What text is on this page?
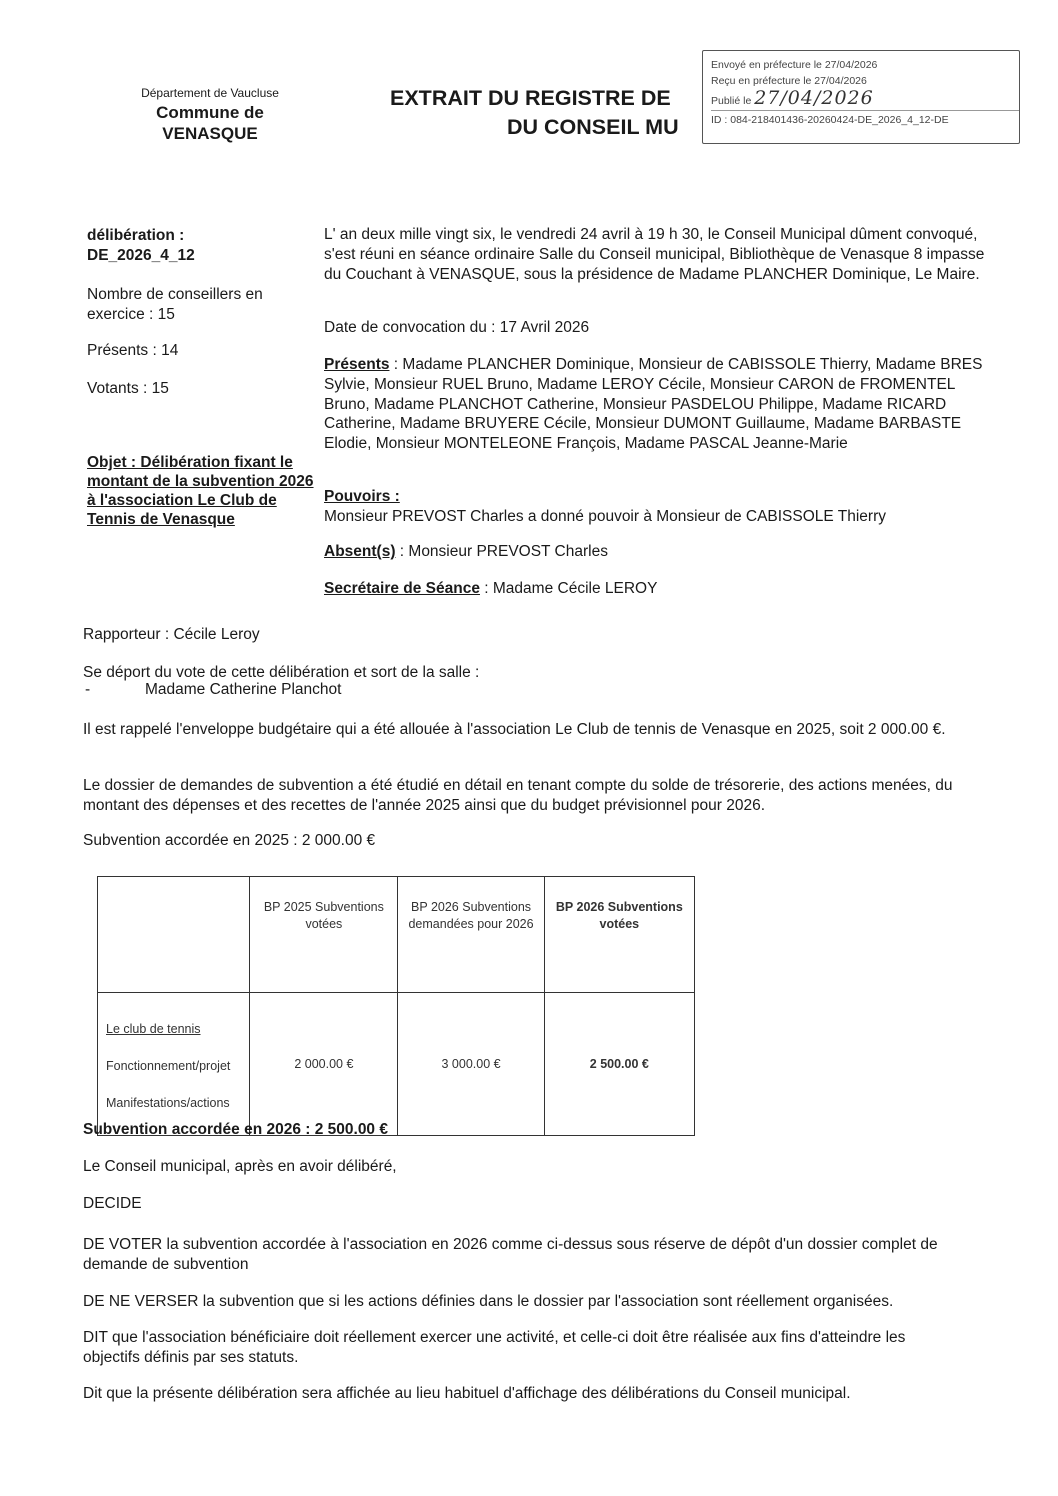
Département de Vaucluse
Commune de
VENASQUE
EXTRAIT DU REGISTRE DE
DU CONSEIL MU
Envoyé en préfecture le 27/04/2026
Reçu en préfecture le 27/04/2026
Publié le 27/04/2026
ID : 084-218401436-20260424-DE_2026_4_12-DE
délibération :
DE_2026_4_12
Nombre de conseillers en exercice : 15
Présents : 14
Votants : 15
Objet : Délibération fixant le montant de la subvention 2026 à l'association Le Club de Tennis de Venasque

L' an deux mille vingt six, le vendredi 24 avril à 19 h 30, le Conseil Municipal dûment convoqué, s'est réuni en séance ordinaire Salle du Conseil municipal, Bibliothèque de Venasque 8 impasse du Couchant à VENASQUE, sous la présidence de Madame PLANCHER Dominique, Le Maire.

Date de convocation du : 17 Avril 2026

Présents : Madame PLANCHER Dominique, Monsieur de CABISSOLE Thierry, Madame BRES Sylvie, Monsieur RUEL Bruno, Madame LEROY Cécile, Monsieur CARON de FROMENTEL Bruno, Madame PLANCHOT Catherine, Monsieur PASDELOU Philippe, Madame RICARD Catherine, Madame BRUYERE Cécile, Monsieur DUMONT Guillaume, Madame BARBASTE Elodie, Monsieur MONTELEONE François, Madame PASCAL Jeanne-Marie

Pouvoirs :
Monsieur PREVOST Charles a donné pouvoir à Monsieur de CABISSOLE Thierry

Absent(s) : Monsieur PREVOST Charles

Secrétaire de Séance : Madame Cécile LEROY

Rapporteur : Cécile Leroy

Se déport du vote de cette délibération et sort de la salle :

-	Madame Catherine Planchot

Il est rappelé l'enveloppe budgétaire qui a été allouée à l'association Le Club de tennis de Venasque en 2025, soit 2 000.00 €.

Le dossier de demandes de subvention a été étudié en détail en tenant compte du solde de trésorerie, des actions menées, du montant des dépenses et des recettes de l'année 2025 ainsi que du budget prévisionnel pour 2026.

Subvention accordée en 2025 : 2 000.00 €

	BP 2025 Subventions votées	BP 2026 Subventions demandées pour 2026	BP 2026 Subventions votées

Le club de tennis
Fonctionnement/projet
Manifestations/actions	2 000.00 €	3 000.00 €	2 500.00 €

Subvention accordée en 2026 : 2 500.00 €

Le Conseil municipal, après en avoir délibéré,

DECIDE

DE VOTER la subvention accordée à l'association en 2026 comme ci-dessus sous réserve de dépôt d'un dossier complet de demande de subvention

DE NE VERSER la subvention que si les actions définies dans le dossier par l'association sont réellement organisées.

DIT que l'association bénéficiaire doit réellement exercer une activité, et celle-ci doit être réalisée aux fins d'atteindre les objectifs définis par ses statuts.

Dit que la présente délibération sera affichée au lieu habituel d'affichage des délibérations du Conseil municipal.
